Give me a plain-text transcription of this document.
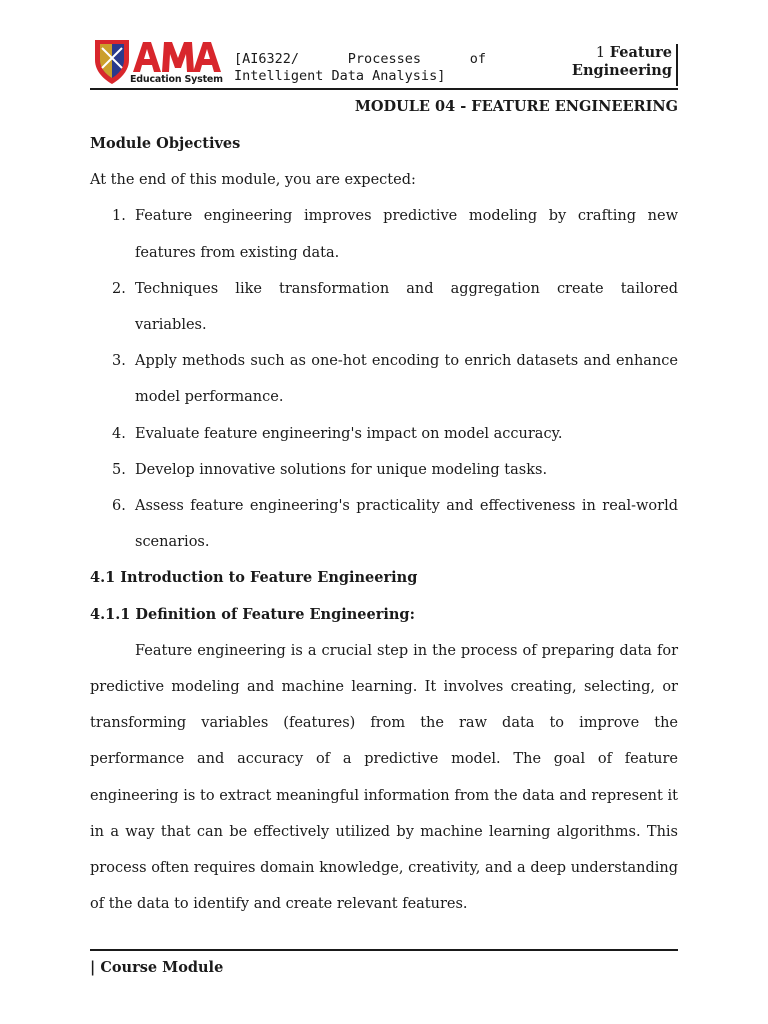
Education System
[AI6322/ Processes of Intelligent Data Analysis]
1 Feature
Engineering
MODULE 04 - FEATURE ENGINEERING

Module Objectives

At the end of this module, you are expected:

Feature engineering improves predictive modeling by crafting new features from existing data.
Techniques like transformation and aggregation create tailored variables.
Apply methods such as one-hot encoding to enrich datasets and enhance model performance.
Evaluate feature engineering's impact on model accuracy.
Develop innovative solutions for unique modeling tasks.
Assess feature engineering's practicality and effectiveness in real-world scenarios.

4.1 Introduction to Feature Engineering

4.1.1 Definition of Feature Engineering:

Feature engineering is a crucial step in the process of preparing data for predictive modeling and machine learning. It involves creating, selecting, or transforming variables (features) from the raw data to improve the performance and accuracy of a predictive model. The goal of feature engineering is to extract meaningful information from the data and represent it in a way that can be effectively utilized by machine learning algorithms. This process often requires domain knowledge, creativity, and a deep understanding of the data to identify and create relevant features.

| Course Module
